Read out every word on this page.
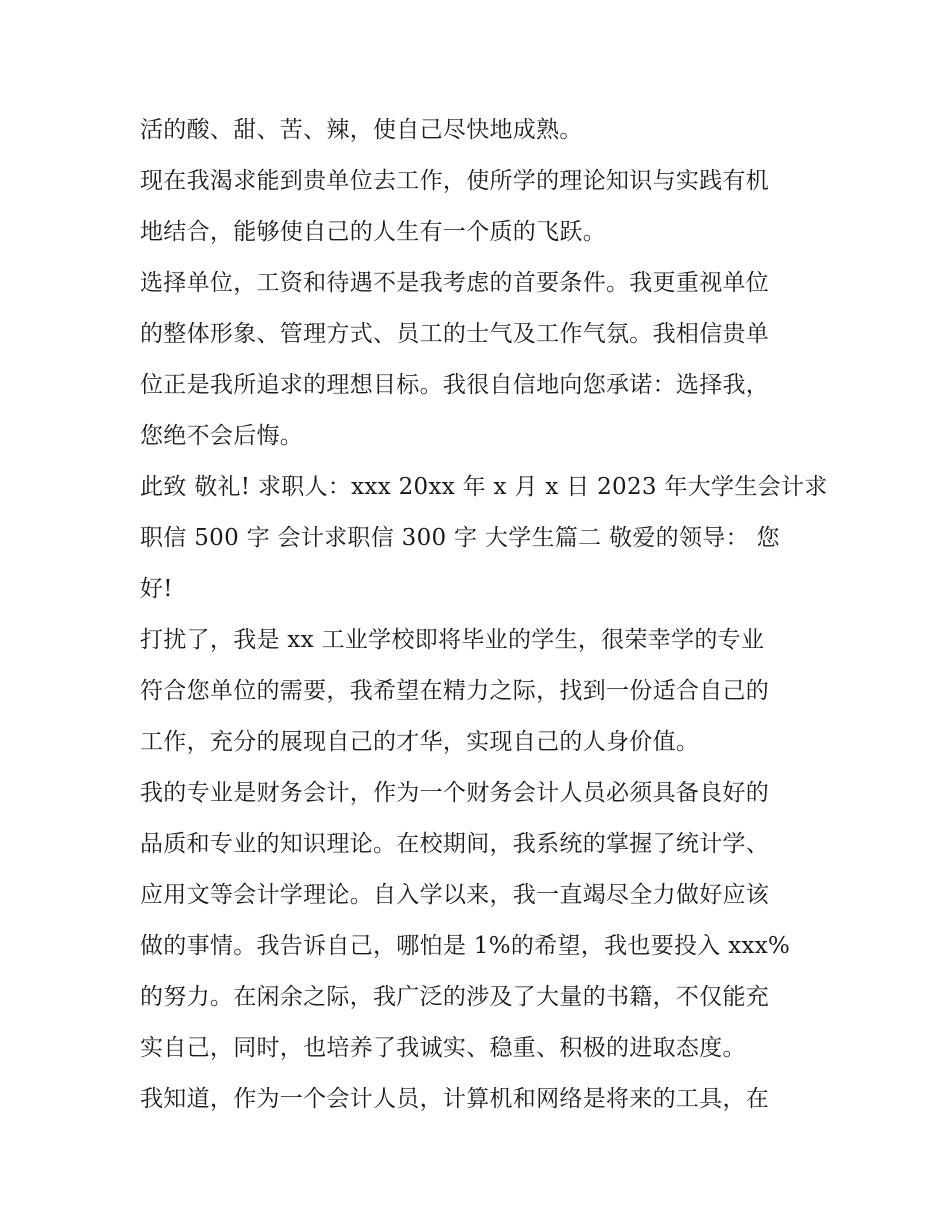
活的酸、甜、苦、辣，使自己尽快地成熟。
现在我渴求能到贵单位去工作，使所学的理论知识与实践有机
地结合，能够使自己的人生有一个质的飞跃。
选择单位，工资和待遇不是我考虑的首要条件。我更重视单位
的整体形象、管理方式、员工的士气及工作气氛。我相信贵单
位正是我所追求的理想目标。我很自信地向您承诺：选择我，
您绝不会后悔。
此致 敬礼! 求职人：xxx 20xx 年 x 月 x 日 2023 年大学生会计求
职信 500 字 会计求职信 300 字 大学生篇二 敬爱的领导： 您
好!
打扰了，我是 xx 工业学校即将毕业的学生，很荣幸学的专业
符合您单位的需要，我希望在精力之际，找到一份适合自己的
工作，充分的展现自己的才华，实现自己的人身价值。
我的专业是财务会计，作为一个财务会计人员必须具备良好的
品质和专业的知识理论。在校期间，我系统的掌握了统计学、
应用文等会计学理论。自入学以来，我一直竭尽全力做好应该
做的事情。我告诉自己，哪怕是 1%的希望，我也要投入 xxx%
的努力。在闲余之际，我广泛的涉及了大量的书籍，不仅能充
实自己，同时，也培养了我诚实、稳重、积极的进取态度。
我知道，作为一个会计人员，计算机和网络是将来的工具，在
